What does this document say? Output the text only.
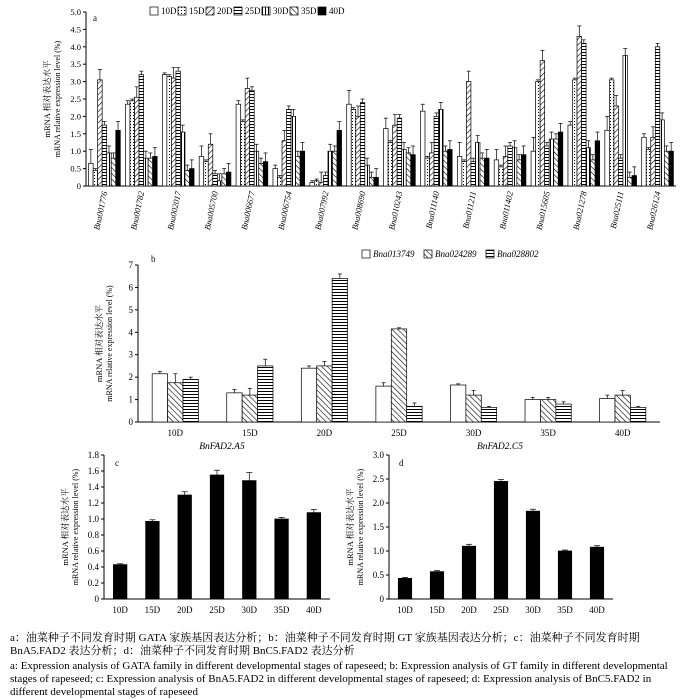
0
0.5
1.0
1.5
2.0
2.5
3.0
3.5
4.0
4.5
5.0
a
mRNA 相对表达水平 mRNA relative expression level (%)
10D 15D 20D 25D 30D 35D 40D
Bna001776 Bna001782 Bna002017 Bna005700 Bna006677 Bna006754 Bna007992 Bna008690 Bna010243 Bna011140 Bna011211 Bna011402 Bna015605 Bna021278 Bna025111 Bna026124
0
1
2
3
4
5
6
7
b
mRNA 相对表达水平 mRNA relative expression level (%)
Bna013749 Bna024289 Bna028802
10D	15D	20D	25D	30D	35D	40D
0
0.2
0.4
0.6
0.8
1.0
1.2
1.4
1.6
1.8
c
mRNA 相对表达水平 mRNA relative expression level (%)
BnFAD2.A5
10D 15D 20D 25D 30D 35D 40D
0
0.5
1.0
1.5
2.0
2.5
3.0
d
mRNA 相对表达水平 mRNA relative expression level (%)
BnFAD2.C5
10D 15D 20D 25D 30D 35D 40D
a：油菜种子不同发育时期 GATA 家族基因表达分析；b：油菜种子不同发育时期 GT 家族基因表达分析；c：油菜种子不同发育时期 BnA5.FAD2 表达分析；d：油菜种子不同发育时期 BnC5.FAD2 表达分析
a: Expression analysis of GATA family in different developmental stages of rapeseed; b: Expression analysis of GT family in different developmental stages of rapeseed; c: Expression analysis of BnA5.FAD2 in different developmental stages of rapeseed; d: Expression analysis of BnC5.FAD2 in different developmental stages of rapeseed
